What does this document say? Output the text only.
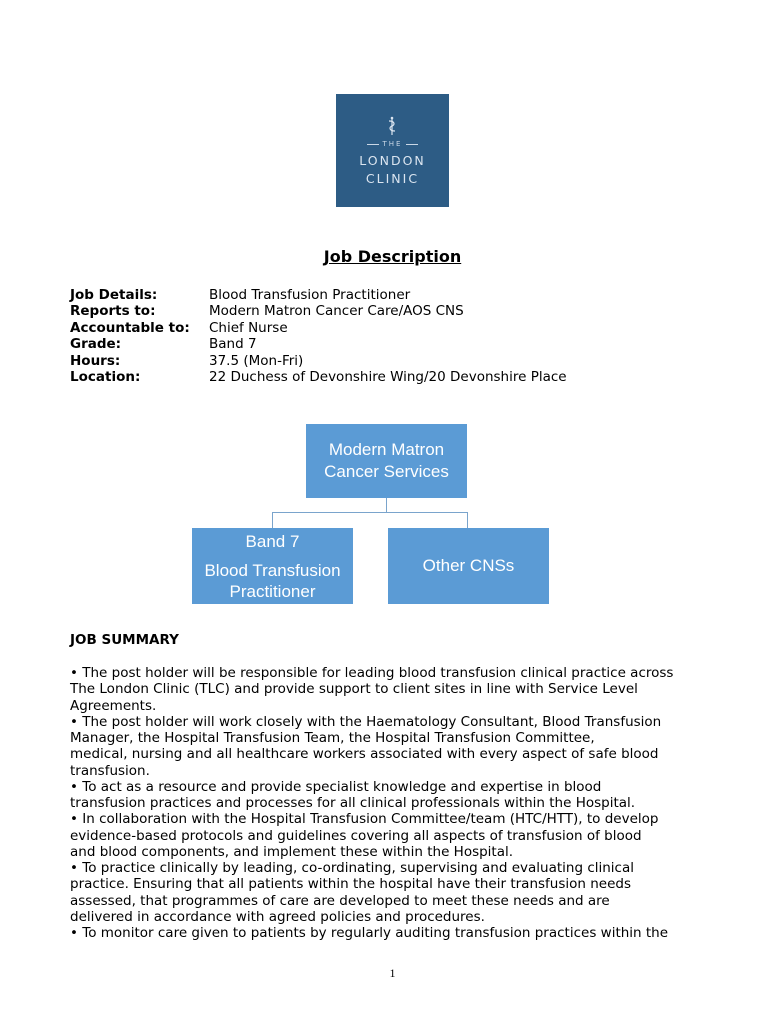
THE
LONDON
CLINIC
Job Description
Job Details:	Blood Transfusion Practitioner
Reports to:	Modern Matron Cancer Care/AOS CNS
Accountable to:	Chief Nurse
Grade:	Band 7
Hours:	37.5 (Mon-Fri)
Location:	22 Duchess of Devonshire Wing/20 Devonshire Place
Modern Matron
Cancer Services
Band 7
Blood Transfusion
Practitioner
Other CNSs
JOB SUMMARY

• The post holder will be responsible for leading blood transfusion clinical practice across

The London Clinic (TLC) and provide support to client sites in line with Service Level

Agreements.

• The post holder will work closely with the Haematology Consultant, Blood Transfusion

Manager, the Hospital Transfusion Team, the Hospital Transfusion Committee,

medical, nursing and all healthcare workers associated with every aspect of safe blood

transfusion.

• To act as a resource and provide specialist knowledge and expertise in blood

transfusion practices and processes for all clinical professionals within the Hospital.

• In collaboration with the Hospital Transfusion Committee/team (HTC/HTT), to develop

evidence-based protocols and guidelines covering all aspects of transfusion of blood

and blood components, and implement these within the Hospital.

• To practice clinically by leading, co-ordinating, supervising and evaluating clinical

practice. Ensuring that all patients within the hospital have their transfusion needs

assessed, that programmes of care are developed to meet these needs and are

delivered in accordance with agreed policies and procedures.

• To monitor care given to patients by regularly auditing transfusion practices within the

1
